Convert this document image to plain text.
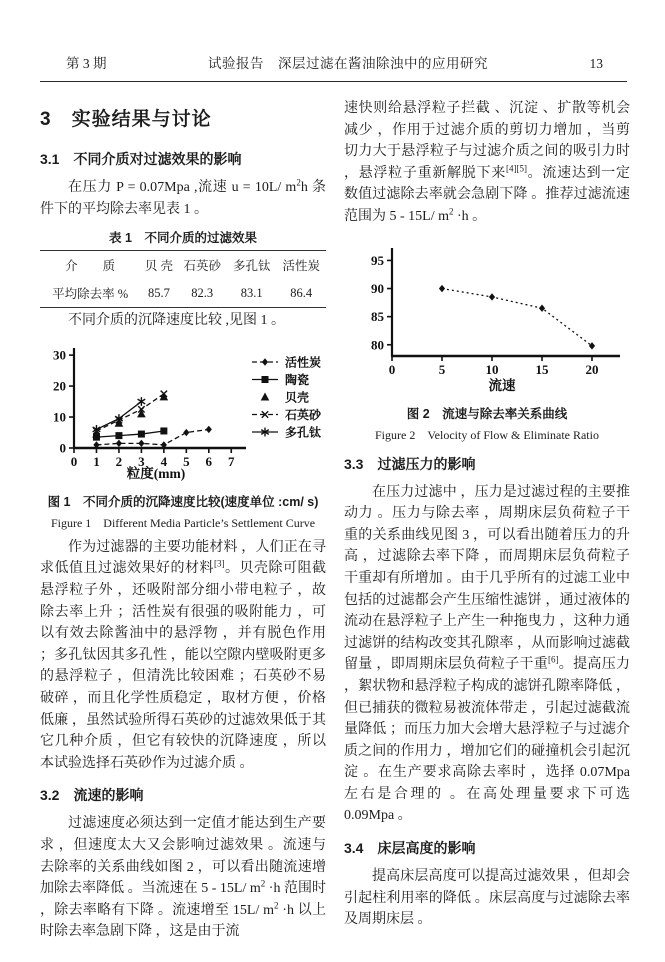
第 3 期	试验报告　深层过滤在酱油除浊中的应用研究	13
3　实验结果与讨论
3.1　不同介质对过滤效果的影响

在压力 P = 0.07Mpa ,流速 u = 10L/ $m^2h$ 条件下的平均除去率见表 1 。

表 1　不同介质的过滤效果
介　　质	贝 壳	石英砂	多孔钛	活性炭
平均除去率 %	85.7	82.3	83.1	86.4

不同介质的沉降速度比较 ,见图 1 。

0
10
20
30
0 1 2 3 4 5 6 7
粒度(mm)
活性炭
陶瓷
贝壳
石英砂
多孔钛
图 1　不同介质的沉降速度比较(速度单位 :cm/ s)
Figure 1　Different Media Particle’s Settlement Curve

作为过滤器的主要功能材料 ，人们正在寻求低值且过滤效果好的材料[3]。贝壳除可阻截悬浮粒子外 ，还吸附部分细小带电粒子 ，故除去率上升 ；活性炭有很强的吸附能力 ，可以有效去除酱油中的悬浮物 ，并有脱色作用 ；多孔钛因其多孔性 ，能以空隙内壁吸附更多的悬浮粒子 ，但清洗比较困难 ；石英砂不易破碎 ，而且化学性质稳定 ，取材方便 ，价格低廉 ，虽然试验所得石英砂的过滤效果低于其它几种介质 ，但它有较快的沉降速度 ，所以本试验选择石英砂作为过滤介质 。

3.2　流速的影响

过滤速度必须达到一定值才能达到生产要求 ，但速度太大又会影响过滤效果 。流速与去除率的关系曲线如图 2 ，可以看出随流速增加除去率降低 。当流速在 5 - 15L/ $m^2 \cdot h$ 范围时 ，除去率略有下降 。流速增至 15L/ $m^2 \cdot h$ 以上时除去率急剧下降 ，这是由于流

速快则给悬浮粒子拦截 、沉淀 、扩散等机会减少 ，作用于过滤介质的剪切力增加 ，当剪切力大于悬浮粒子与过滤介质之间的吸引力时 ，悬浮粒子重新解脱下来[4][5]。流速达到一定数值过滤除去率就会急剧下降 。推荐过滤流速范围为 5 - 15L/ $m^2 \cdot h$ 。

80
85
90
95
0	5	10	15	20
流速
图 2　流速与除去率关系曲线
Figure 2　Velocity of Flow & Eliminate Ratio
3.3　过滤压力的影响

在压力过滤中 ，压力是过滤过程的主要推动力 。压力与除去率 ，周期床层负荷粒子干重的关系曲线见图 3 ，可以看出随着压力的升高 ，过滤除去率下降 ，而周期床层负荷粒子干重却有所增加 。由于几乎所有的过滤工业中包括的过滤都会产生压缩性滤饼 ，通过液体的流动在悬浮粒子上产生一种拖曳力 ，这种力通过滤饼的结构改变其孔隙率 ，从而影响过滤截留量 ，即周期床层负荷粒子干重[6]。提高压力 ，絮状物和悬浮粒子构成的滤饼孔隙率降低 ，但已捕获的微粒易被流体带走 ，引起过滤截流量降低 ；而压力加大会增大悬浮粒子与过滤介质之间的作用力 ，增加它们的碰撞机会引起沉淀 。在生产要求高除去率时 ，选择 0.07Mpa 左右是合理的 。在高处理量要求下可选 0.09Mpa 。

3.4　床层高度的影响

提高床层高度可以提高过滤效果 ，但却会引起柱利用率的降低 。床层高度与过滤除去率及周期床层 。
